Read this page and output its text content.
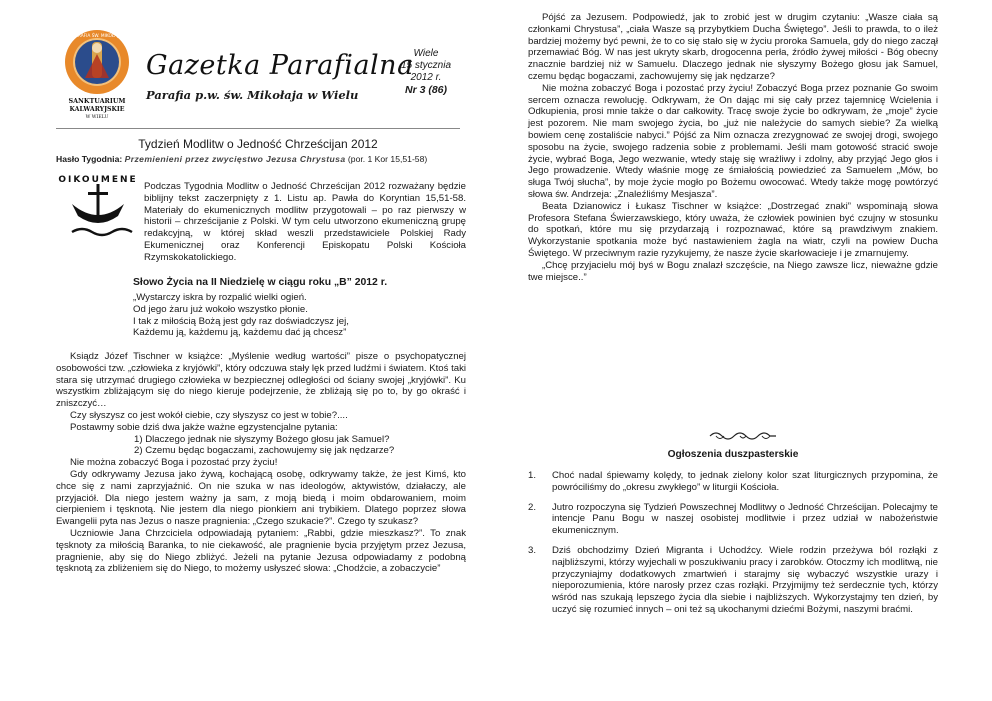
PARAFIA ŚW. MIKOŁAJA
SANKTUARIUM
KALWARYJSKIE
W WIELU
Gazetka Parafialna
Parafia p.w. św. Mikołaja w Wielu
Wiele
15 stycznia
2012 r.
Nr 3 (86)
Tydzień Modlitw o Jedność Chrześcijan 2012
Hasło Tygodnia: Przemienieni przez zwycięstwo Jezusa Chrystusa (por. 1 Kor 15,51-58)
OIKOUMENE
Podczas Tygodnia Modlitw o Jedność Chrześcijan 2012 rozważany będzie biblijny tekst zaczerpnięty z 1. Listu ap. Pawła do Koryntian 15,51-58. Materiały do ekumenicznych modlitw przygotowali – po raz pierwszy w historii – chrześcijanie z Polski. W tym celu utworzono ekumeniczną grupę redakcyjną, w której skład weszli przedstawiciele Polskiej Rady Ekumenicznej oraz Konferencji Episkopatu Polski Kościoła Rzymskokatolickiego.
Słowo Życia na II Niedzielę w ciągu roku „B” 2012 r.

„Wystarczy iskra by rozpalić wielki ogień.

Od jego żaru już wokoło wszystko płonie.

I tak z miłością Bożą jest gdy raz doświadczysz jej,

Każdemu ją, każdemu ją, każdemu dać ją chcesz”

Ksiądz Józef Tischner w książce: „Myślenie według wartości” pisze o psychopatycznej osobowości tzw. „człowieka z kryjówki”, który odczuwa stały lęk przed ludźmi i światem. Ktoś taki stara się utrzymać drugiego człowieka w bezpiecznej odległości od ściany swojej „kryjówki”. Ku wszystkim zbliżającym się do niego kieruje podejrzenie, że zbliżają się po to, by go okraść i zniszczyć…

Czy słyszysz co jest wokół ciebie, czy słyszysz co jest w tobie?....

Postawmy sobie dziś dwa jakże ważne egzystencjalne pytania:

1) Dlaczego jednak nie słyszymy Bożego głosu jak Samuel?

2) Czemu będąc bogaczami, zachowujemy się jak nędzarze?

Nie można zobaczyć Boga i pozostać przy życiu!

Gdy odkrywamy Jezusa jako żywą, kochającą osobę, odkrywamy także, że jest Kimś, kto chce się z nami zaprzyjaźnić. On nie szuka w nas ideologów, aktywistów, działaczy, ale przyjaciół. Dla niego jestem ważny ja sam, z moją biedą i moim obdarowaniem, moim cierpieniem i tęsknotą. Nie jestem dla niego pionkiem ani trybikiem. Dlatego poprzez słowa Ewangelii pyta nas Jezus o nasze pragnienia: „Czego szukacie?”. Czego ty szukasz?

Uczniowie Jana Chrzciciela odpowiadają pytaniem: „Rabbi, gdzie mieszkasz?”. To znak tęsknoty za miłością Baranka, to nie ciekawość, ale pragnienie bycia przyjętym przez Jezusa, pragnienie, aby się do Niego zbliżyć. Jeżeli na pytanie Jezusa odpowiadamy z podobną tęsknotą za zbliżeniem się do Niego, to możemy usłyszeć słowa: „Chodźcie, a zobaczycie”

Pójść za Jezusem. Podpowiedź, jak to zrobić jest w drugim czytaniu: „Wasze ciała są członkami Chrystusa”, „ciała Wasze są przybytkiem Ducha Świętego”. Jeśli to prawda, to o ileż bardziej możemy być pewni, że to co się stało się w życiu proroka Samuela, gdy do niego zaczął przemawiać Bóg. W nas jest ukryty skarb, drogocenna perła, źródło żywej miłości - Bóg obecny znacznie bardziej niż w Samuelu. Dlaczego jednak nie słyszymy Bożego głosu jak Samuel, czemu będąc bogaczami, zachowujemy się jak nędzarze?

Nie można zobaczyć Boga i pozostać przy życiu! Zobaczyć Boga przez poznanie Go swoim sercem oznacza rewolucję. Odkrywam, że On dając mi się cały przez tajemnicę Wcielenia i Odkupienia, prosi mnie także o dar całkowity. Tracę swoje życie bo odkrywam, że „moje” życie jest pozorem. Nie mam swojego życia, bo „już nie należycie do samych siebie? Za wielką bowiem cenę zostaliście nabyci.” Pójść za Nim oznacza zrezygnować ze swojej drogi, swojego sposobu na życie, swojego radzenia sobie z problemami. Jeśli mam gotowość stracić swoje życie, wybrać Boga, Jego wezwanie, wtedy staję się wrażliwy i zdolny, aby przyjąć Jego głos i Jego prowadzenie. Wtedy właśnie mogę ze śmiałością powiedzieć za Samuelem „Mów, bo sługa Twój słucha”, by moje życie mogło po Bożemu owocować. Wtedy także mogę powtórzyć słowa św. Andrzeja: „Znaleźliśmy Mesjasza”.

Beata Dzianowicz i Łukasz Tischner w książce: „Dostrzegać znaki” wspominają słowa Profesora Stefana Świerzawskiego, który uważa, że człowiek powinien być czujny w stosunku do spotkań, które mu się przydarzają i rozpoznawać, które są prawdziwym znakiem. Wykorzystanie spotkania może być nastawieniem żagla na wiatr, czyli na powiew Ducha Świętego. W przeciwnym razie ryzykujemy, że nasze życie skarłowacieje i je zmarnujemy.

„Chcę przyjacielu mój byś w Bogu znalazł szczęście, na Niego zawsze licz, nieważne gdzie twe miejsce..”

Ogłoszenia duszpasterskie
1. Choć nadal śpiewamy kolędy, to jednak zielony kolor szat liturgicznych przypomina, że powróciliśmy do „okresu zwykłego” w liturgii Kościoła.

2. Jutro rozpoczyna się Tydzień Powszechnej Modlitwy o Jedność Chrześcijan. Polecajmy te intencje Panu Bogu w naszej osobistej modlitwie i przez udział w nabożeństwie ekumenicznym.

3. Dziś obchodzimy Dzień Migranta i Uchodźcy. Wiele rodzin przeżywa ból rozłąki z najbliższymi, którzy wyjechali w poszukiwaniu pracy i zarobków. Otoczmy ich modlitwą, nie przyczyniajmy dodatkowych zmartwień i starajmy się wybaczyć wszystkie urazy i nieporozumienia, które narosły przez czas rozłąki. Przyjmijmy też serdecznie tych, którzy wśród nas szukają lepszego życia dla siebie i najbliższych. Wykorzystajmy ten dzień, by uczyć się rozumieć innych – oni też są ukochanymi dziećmi Bożymi, naszymi braćmi.
